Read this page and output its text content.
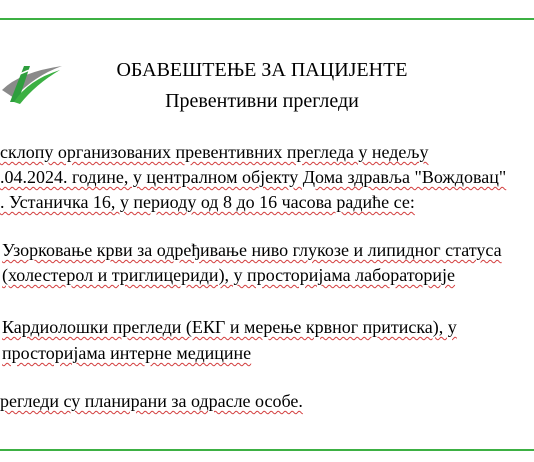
ОБАВЕШТЕЊЕ ЗА ПАЦИЈЕНТЕ
Превентивни прегледи
склопу организованих превентивних прегледа у недељу
.04.2024. године, у централном објекту Дома здравља "Вождовац"
. Устаничка 16, у периоду од 8 до 16 часова радиће се:
Узорковање крви за одређивање ниво глукозе и липидног статуса
(холестерол и триглицериди), у просторијама лабораторије
Кардиолошки прегледи (ЕКГ и мерење крвног притиска), у
просторијама интерне медицине
регледи су планирани за одрасле особе.
